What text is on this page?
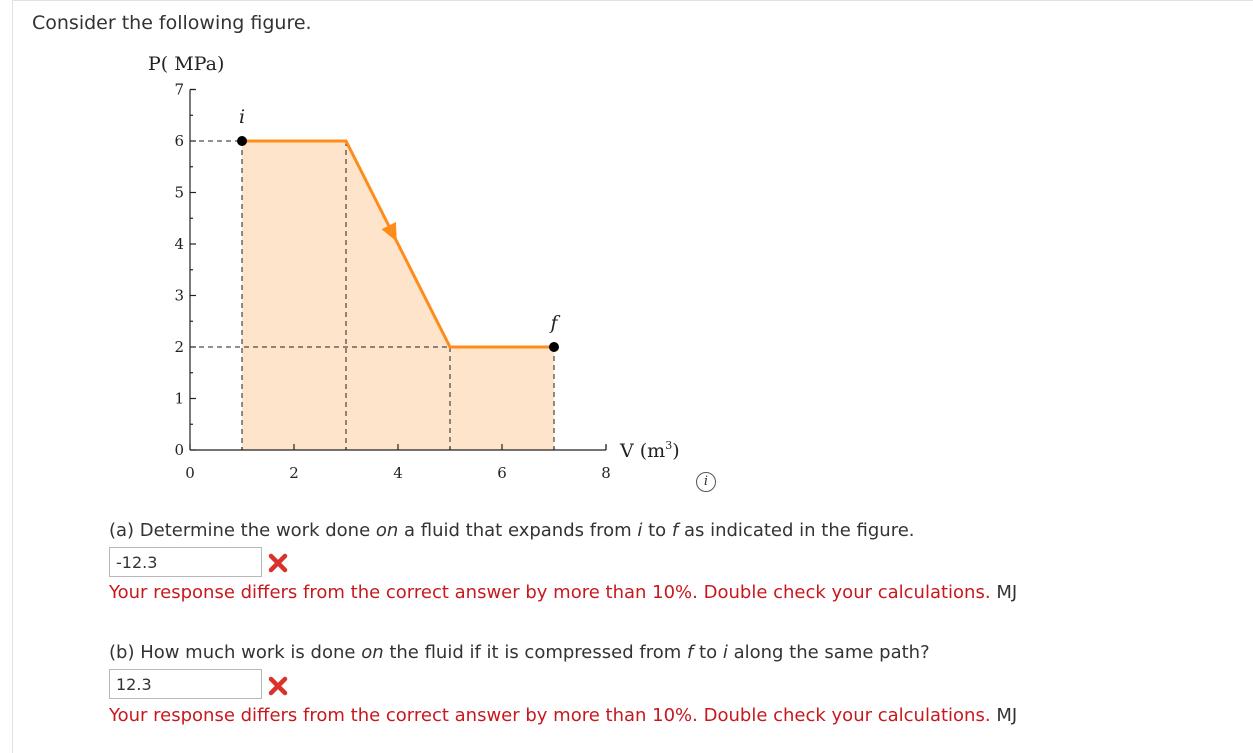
Consider the following figure.
P( MPa)
V $(m^3)$
0
1
2
3
4
5
6
7
0	2	4	6	8
i
f
i
(a) Determine the work done on a fluid that expands from i to f as indicated in the figure.
-12.3
Your response differs from the correct answer by more than 10%. Double check your calculations. MJ
(b) How much work is done on the fluid if it is compressed from f to i along the same path?
12.3
Your response differs from the correct answer by more than 10%. Double check your calculations. MJ
